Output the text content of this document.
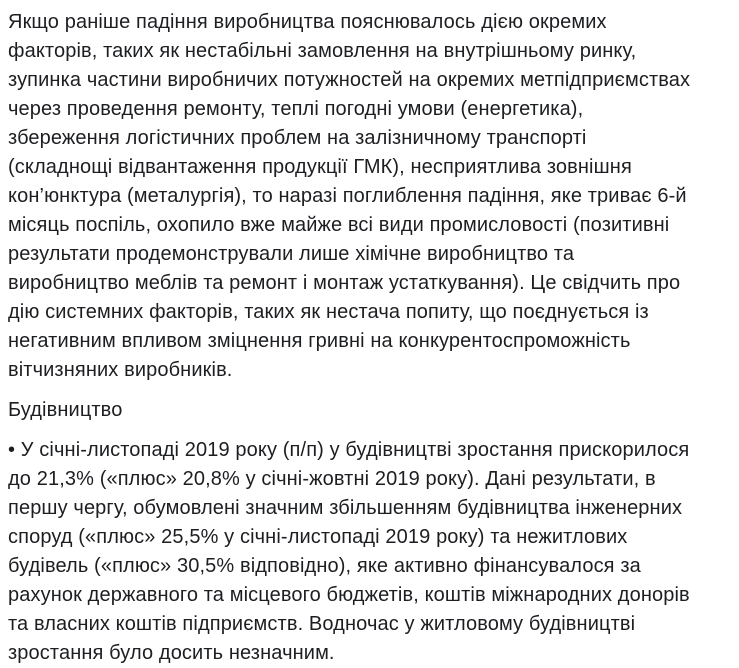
Якщо раніше падіння виробництва пояснювалось дією окремих
факторів, таких як нестабільні замовлення на внутрішньому ринку,
зупинка частини виробничих потужностей на окремих метпідприємствах
через проведення ремонту, теплі погодні умови (енергетика),
збереження логістичних проблем на залізничному транспорті
(складнощі відвантаження продукції ГМК), несприятлива зовнішня
кон’юнктура (металургія), то наразі поглиблення падіння, яке триває 6-й
місяць поспіль, охопило вже майже всі види промисловості (позитивні
результати продемонстрували лише хімічне виробництво та
виробництво меблів та ремонт і монтаж устаткування). Це свідчить про
дію системних факторів, таких як нестача попиту, що поєднується із
негативним впливом зміцнення гривні на конкурентоспроможність
вітчизняних виробників.

Будівництво

• У січні-листопаді 2019 року (п/п) у будівництві зростання прискорилося
до 21,3% («плюс» 20,8% у січні-жовтні 2019 року). Дані результати, в
першу чергу, обумовлені значним збільшенням будівництва інженерних
споруд («плюс» 25,5% у січні-листопаді 2019 року) та нежитлових
будівель («плюс» 30,5% відповідно), яке активно фінансувалося за
рахунок державного та місцевого бюджетів, коштів міжнародних донорів
та власних коштів підприємств. Водночас у житловому будівництві
зростання було досить незначним.
